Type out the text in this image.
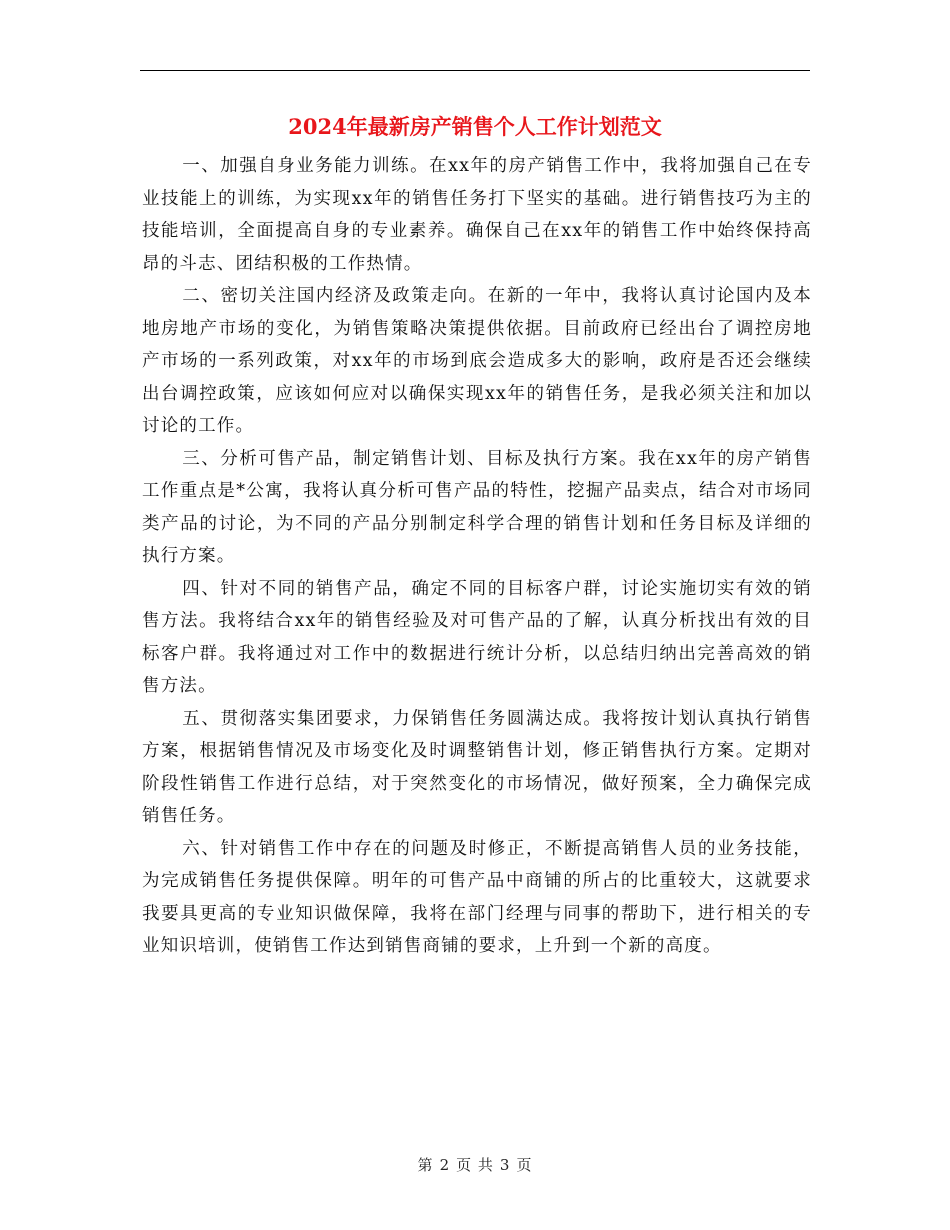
2024年最新房产销售个人工作计划范文

一、加强自身业务能力训练。在xx年的房产销售工作中，我将加强自己在专业技能上的训练，为实现xx年的销售任务打下坚实的基础。进行销售技巧为主的技能培训，全面提高自身的专业素养。确保自己在xx年的销售工作中始终保持高昂的斗志、团结积极的工作热情。

二、密切关注国内经济及政策走向。在新的一年中，我将认真讨论国内及本地房地产市场的变化，为销售策略决策提供依据。目前政府已经出台了调控房地产市场的一系列政策，对xx年的市场到底会造成多大的影响，政府是否还会继续出台调控政策，应该如何应对以确保实现xx年的销售任务，是我必须关注和加以讨论的工作。

三、分析可售产品，制定销售计划、目标及执行方案。我在xx年的房产销售工作重点是*公寓，我将认真分析可售产品的特性，挖掘产品卖点，结合对市场同类产品的讨论，为不同的产品分别制定科学合理的销售计划和任务目标及详细的执行方案。

四、针对不同的销售产品，确定不同的目标客户群，讨论实施切实有效的销售方法。我将结合xx年的销售经验及对可售产品的了解，认真分析找出有效的目标客户群。我将通过对工作中的数据进行统计分析，以总结归纳出完善高效的销售方法。

五、贯彻落实集团要求，力保销售任务圆满达成。我将按计划认真执行销售方案，根据销售情况及市场变化及时调整销售计划，修正销售执行方案。定期对阶段性销售工作进行总结，对于突然变化的市场情况，做好预案，全力确保完成销售任务。

六、针对销售工作中存在的问题及时修正，不断提高销售人员的业务技能，为完成销售任务提供保障。明年的可售产品中商铺的所占的比重较大，这就要求我要具更高的专业知识做保障，我将在部门经理与同事的帮助下，进行相关的专业知识培训，使销售工作达到销售商铺的要求，上升到一个新的高度。

第 2 页 共 3 页
